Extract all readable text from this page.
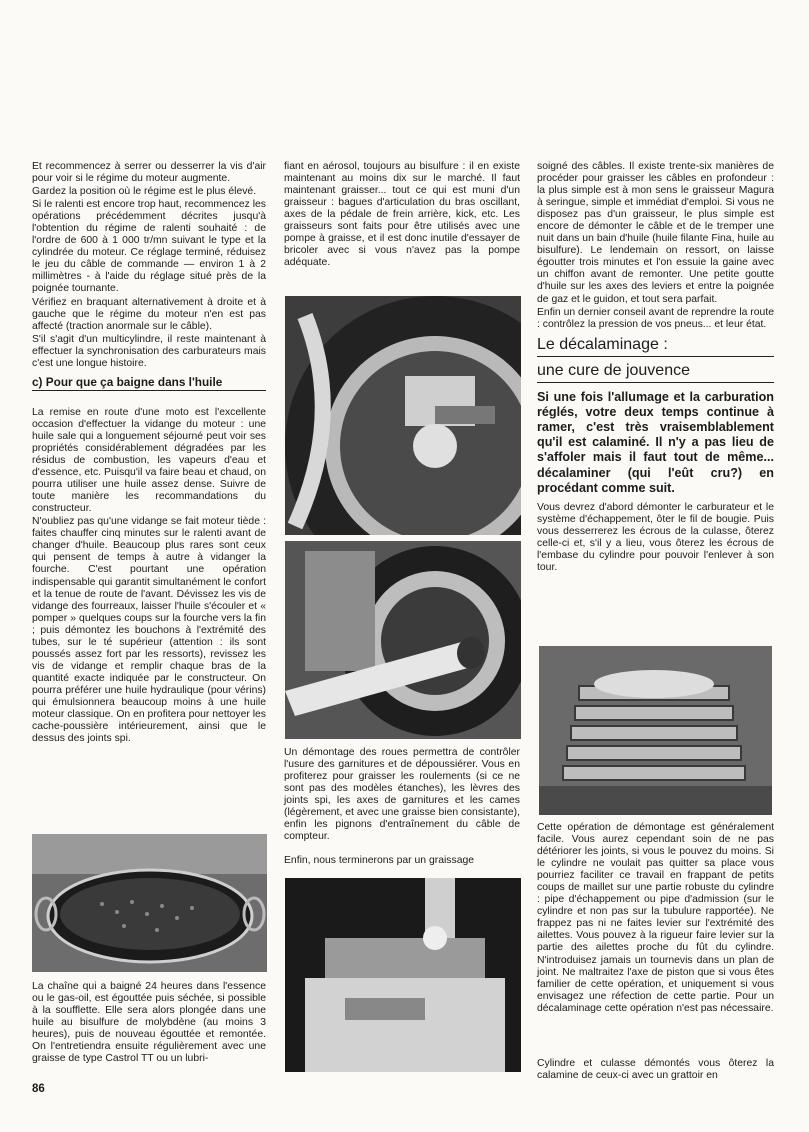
Et recommencez à serrer ou desserrer la vis d'air pour voir si le régime du moteur augmente.

Gardez la position où le régime est le plus élevé.

Si le ralenti est encore trop haut, recommencez les opérations précédemment décrites jusqu'à l'obtention du régime de ralenti souhaité : de l'ordre de 600 à 1 000 tr/mn suivant le type et la cylindrée du moteur. Ce réglage terminé, réduisez le jeu du câble de commande — environ 1 à 2 millimètres - à l'aide du réglage situé près de la poignée tournante.

Vérifiez en braquant alternativement à droite et à gauche que le régime du moteur n'en est pas affecté (traction anormale sur le câble).

S'il s'agit d'un multicylindre, il reste maintenant à effectuer la synchronisation des carburateurs mais c'est une longue histoire.

c) Pour que ça baigne dans l'huile

La remise en route d'une moto est l'excellente occasion d'effectuer la vidange du moteur : une huile sale qui a longuement séjourné peut voir ses propriétés considérablement dégradées par les résidus de combustion, les vapeurs d'eau et d'essence, etc. Puisqu'il va faire beau et chaud, on pourra utiliser une huile assez dense. Suivre de toute manière les recommandations du constructeur.

N'oubliez pas qu'une vidange se fait moteur tiède : faites chauffer cinq minutes sur le ralenti avant de changer d'huile. Beaucoup plus rares sont ceux qui pensent de temps à autre à vidanger la fourche. C'est pourtant une opération indispensable qui garantit simultanément le confort et la tenue de route de l'avant. Dévissez les vis de vidange des fourreaux, laisser l'huile s'écouler et « pomper » quelques coups sur la fourche vers la fin ; puis démontez les bouchons à l'extrémité des tubes, sur le té supérieur (attention : ils sont poussés assez fort par les ressorts), revissez les vis de vidange et remplir chaque bras de la quantité exacte indiquée par le constructeur. On pourra préférer une huile hydraulique (pour vérins) qui émulsionnera beaucoup moins à une huile moteur classique. On en profitera pour nettoyer les cache-poussière intérieurement, ainsi que le dessus des joints spi.

La chaîne qui a baigné 24 heures dans l'essence ou le gas-oil, est égouttée puis séchée, si possible à la soufflette. Elle sera alors plongée dans une huile au bisulfure de molybdène (au moins 3 heures), puis de nouveau égouttée et remontée. On l'entretiendra ensuite régulièrement avec une graisse de type Castrol TT ou un lubri-

fiant en aérosol, toujours au bisulfure : il en existe maintenant au moins dix sur le marché. Il faut maintenant graisser... tout ce qui est muni d'un graisseur : bagues d'articulation du bras oscillant, axes de la pédale de frein arrière, kick, etc. Les graisseurs sont faits pour être utilisés avec une pompe à graisse, et il est donc inutile d'essayer de bricoler avec si vous n'avez pas la pompe adéquate.

Un démontage des roues permettra de contrôler l'usure des garnitures et de dépoussiérer. Vous en profiterez pour graisser les roulements (si ce ne sont pas des modèles étanches), les lèvres des joints spi, les axes de garnitures et les cames (légèrement, et avec une graisse bien consistante), enfin les pignons d'entraînement du câble de compteur.
Enfin, nous terminerons par un graissage

soigné des câbles. Il existe trente-six manières de procéder pour graisser les câbles en profondeur : la plus simple est à mon sens le graisseur Magura à seringue, simple et immédiat d'emploi. Si vous ne disposez pas d'un graisseur, le plus simple est encore de démonter le câble et de le tremper une nuit dans un bain d'huile (huile filante Fina, huile au bisulfure). Le lendemain on ressort, on laisse égoutter trois minutes et l'on essuie la gaine avec un chiffon avant de remonter. Une petite goutte d'huile sur les axes des leviers et entre la poignée de gaz et le guidon, et tout sera parfait.

Enfin un dernier conseil avant de reprendre la route : contrôlez la pression de vos pneus... et leur état.

Le décalaminage :
une cure de jouvence
Si une fois l'allumage et la carburation réglés, votre deux temps continue à ramer, c'est très vraisemblablement qu'il est calaminé. Il n'y a pas lieu de s'affoler mais il faut tout de même... décalaminer (qui l'eût cru?) en procédant comme suit.

Vous devrez d'abord démonter le carburateur et le système d'échappement, ôter le fil de bougie. Puis vous desserrerez les écrous de la culasse, ôterez celle-ci et, s'il y a lieu, vous ôterez les écrous de l'embase du cylindre pour pouvoir l'enlever à son tour.

Cette opération de démontage est généralement facile. Vous aurez cependant soin de ne pas détériorer les joints, si vous le pouvez du moins. Si le cylindre ne voulait pas quitter sa place vous pourriez faciliter ce travail en frappant de petits coups de maillet sur une partie robuste du cylindre : pipe d'échappement ou pipe d'admission (sur le cylindre et non pas sur la tubulure rapportée). Ne frappez pas ni ne faites levier sur l'extrémité des ailettes. Vous pouvez à la rigueur faire levier sur la partie des ailettes proche du fût du cylindre. N'introduisez jamais un tournevis dans un plan de joint. Ne maltraitez l'axe de piston que si vous êtes familier de cette opération, et uniquement si vous envisagez une réfection de cette partie. Pour un décalaminage cette opération n'est pas nécessaire.
Cylindre et culasse démontés vous ôterez la calamine de ceux-ci avec un grattoir en
86
